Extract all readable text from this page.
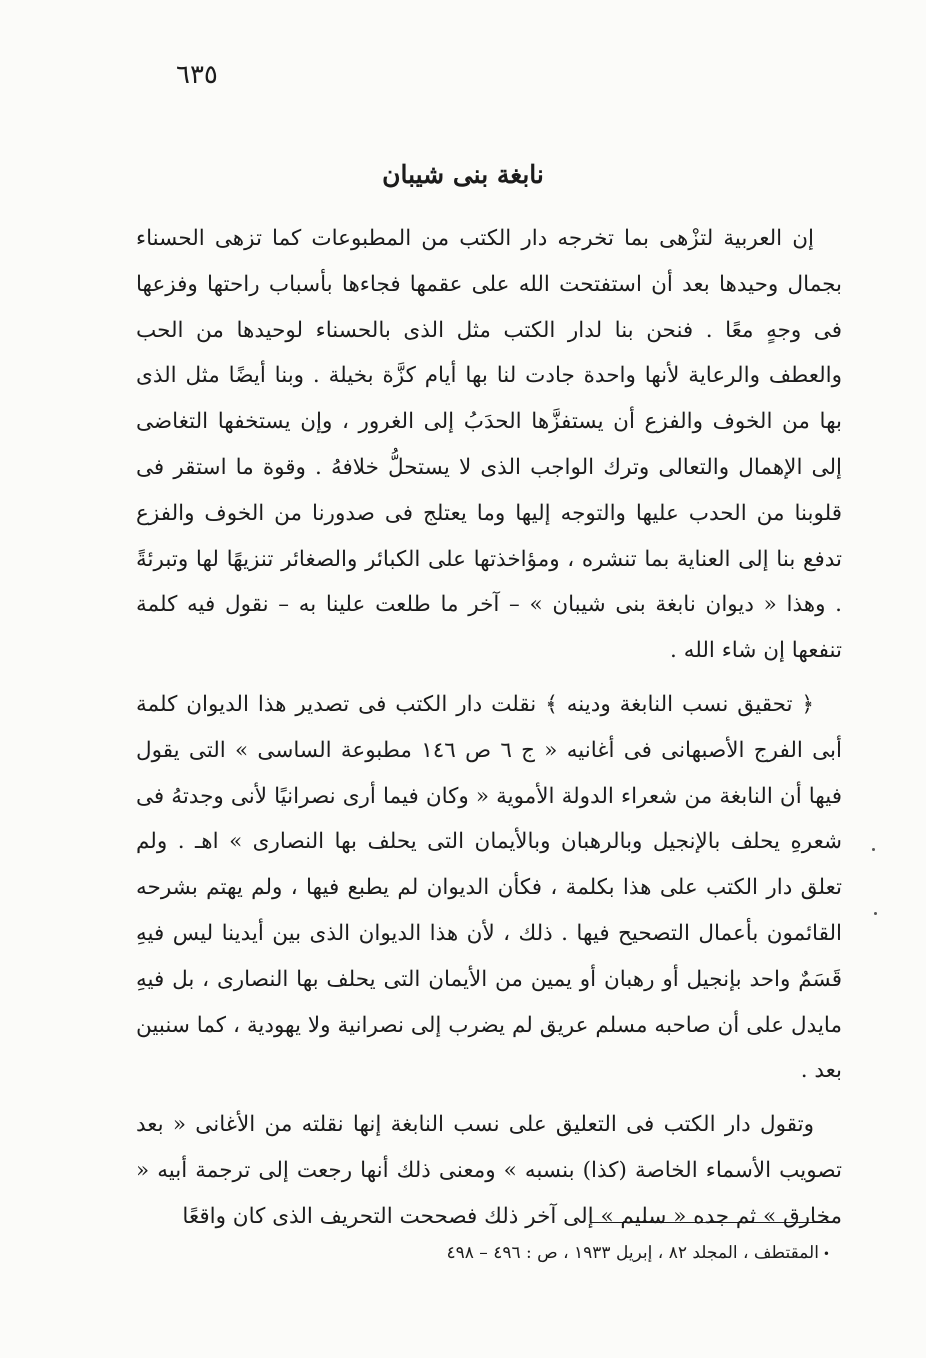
٦٣٥
نابغة بنى شيبان

إن العربية لتزْهى بما تخرجه دار الكتب من المطبوعات كما تزهى الحسناء بجمال وحيدها بعد أن استفتحت الله على عقمها فجاءها بأسباب راحتها وفزعها فى وجهٍ معًا . فنحن بنا لدار الكتب مثل الذى بالحسناء لوحيدها من الحب والعطف والرعاية لأنها واحدة جادت لنا بها أيام كزَّة بخيلة . وبنا أيضًا مثل الذى بها من الخوف والفزع أن يستفزَّها الحدَبُ إلى الغرور ، وإن يستخفها التغاضى إلى الإهمال والتعالى وترك الواجب الذى لا يستحلُّ خلافهُ . وقوة ما استقر فى قلوبنا من الحدب عليها والتوجه إليها وما يعتلج فى صدورنا من الخوف والفزع تدفع بنا إلى العناية بما تنشره ، ومؤاخذتها على الكبائر والصغائر تنزيهًا لها وتبرئةً . وهذا « ديوان نابغة بنى شيبان » – آخر ما طلعت علينا به – نقول فيه كلمة تنفعها إن شاء الله .

﴿ تحقيق نسب النابغة ودينه ﴾ نقلت دار الكتب فى تصدير هذا الديوان كلمة أبى الفرج الأصبهانى فى أغانيه « ج ٦ ص ١٤٦ مطبوعة الساسى » التى يقول فيها أن النابغة من شعراء الدولة الأموية « وكان فيما أرى نصرانيًا لأنى وجدتهُ فى شعرهِ يحلف بالإنجيل وبالرهبان وبالأيمان التى يحلف بها النصارى » اهـ . ولم تعلق دار الكتب على هذا بكلمة ، فكأن الديوان لم يطبع فيها ، ولم يهتم بشرحه القائمون بأعمال التصحيح فيها . ذلك ، لأن هذا الديوان الذى بين أيدينا ليس فيهِ قَسَمٌ واحد بإنجيل أو رهبان أو يمين من الأيمان التى يحلف بها النصارى ، بل فيهِ مايدل على أن صاحبه مسلم عريق لم يضرب إلى نصرانية ولا يهودية ، كما سنبين بعد .

وتقول دار الكتب فى التعليق على نسب النابغة إنها نقلته من الأغانى « بعد تصويب الأسماء الخاصة (كذا) بنسبه » ومعنى ذلك أنها رجعت إلى ترجمة أبيه « مخارق » ثم جده « سليم » إلى آخر ذلك فصححت التحريف الذى كان واقعًا

•المقتطف ، المجلد ٨٢ ، إبريل ١٩٣٣ ، ص : ٤٩٦ – ٤٩٨
